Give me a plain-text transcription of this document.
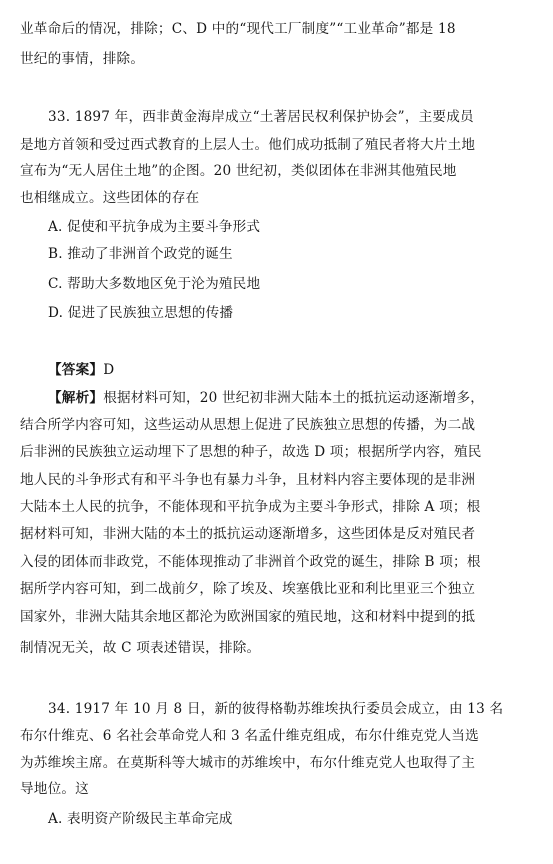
业革命后的情况，排除；C、D 中的“现代工厂制度”“工业革命”都是 18
世纪的事情，排除。
33. 1897 年，西非黄金海岸成立“土著居民权利保护协会”，主要成员
是地方首领和受过西式教育的上层人士。他们成功抵制了殖民者将大片土地
宣布为“无人居住土地”的企图。20 世纪初，类似团体在非洲其他殖民地
也相继成立。这些团体的存在
A. 促使和平抗争成为主要斗争形式
B. 推动了非洲首个政党的诞生
C. 帮助大多数地区免于沦为殖民地
D. 促进了民族独立思想的传播
【答案】D
【解析】根据材料可知，20 世纪初非洲大陆本土的抵抗运动逐渐增多，
结合所学内容可知，这些运动从思想上促进了民族独立思想的传播，为二战
后非洲的民族独立运动埋下了思想的种子，故选 D 项；根据所学内容，殖民
地人民的斗争形式有和平斗争也有暴力斗争，且材料内容主要体现的是非洲
大陆本土人民的抗争，不能体现和平抗争成为主要斗争形式，排除 A 项；根
据材料可知，非洲大陆的本土的抵抗运动逐渐增多，这些团体是反对殖民者
入侵的团体而非政党，不能体现推动了非洲首个政党的诞生，排除 B 项；根
据所学内容可知，到二战前夕，除了埃及、埃塞俄比亚和利比里亚三个独立
国家外，非洲大陆其余地区都沦为欧洲国家的殖民地，这和材料中提到的抵
制情况无关，故 C 项表述错误，排除。
34. 1917 年 10 月 8 日，新的彼得格勒苏维埃执行委员会成立，由 13 名
布尔什维克、6 名社会革命党人和 3 名孟什维克组成，布尔什维克党人当选
为苏维埃主席。在莫斯科等大城市的苏维埃中，布尔什维克党人也取得了主
导地位。这
A. 表明资产阶级民主革命完成
